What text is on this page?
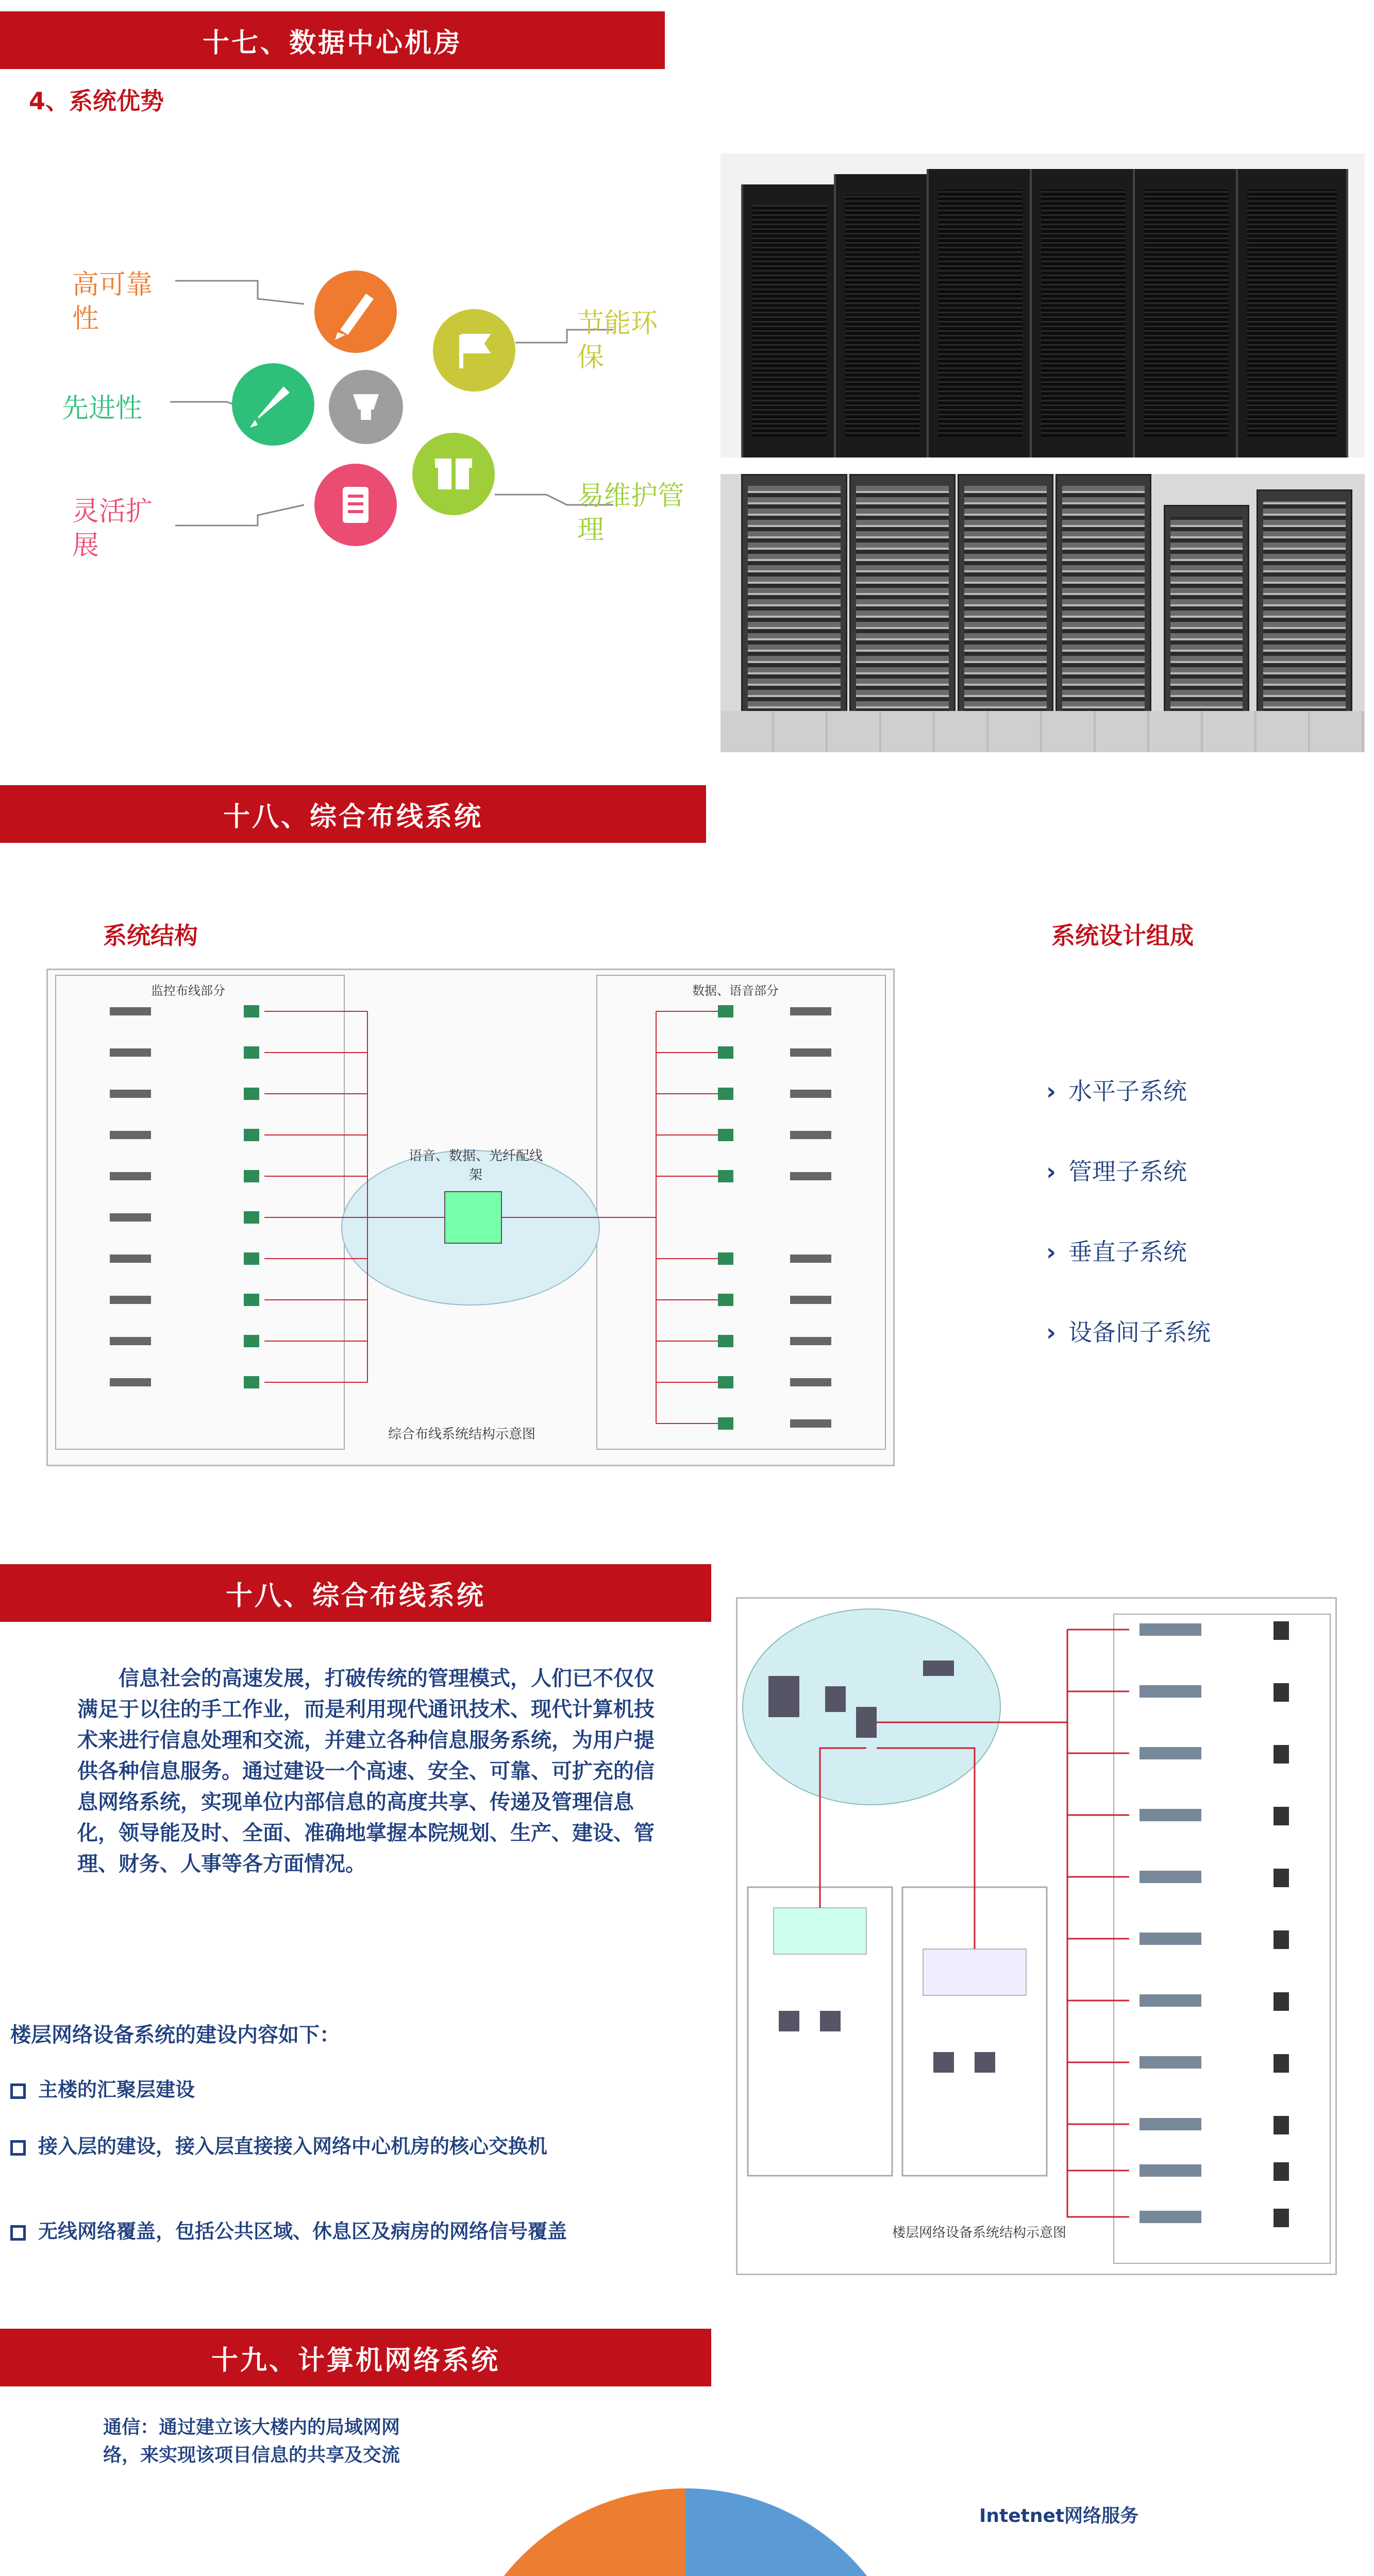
十七、数据中心机房
4、系统优势
高可靠性
先进性
灵活扩展
节能环保
易维护管理
十八、综合布线系统
系统结构	系统设计组成
监控布线部分	数据、语音部分
语音、数据、光纤配线架
综合布线系统结构示意图
› 水平子系统
› 管理子系统
› 垂直子系统
› 设备间子系统
十八、综合布线系统
信息社会的高速发展，打破传统的管理模式，人们已不仅仅满足于以往的手工作业，而是利用现代通讯技术、现代计算机技术来进行信息处理和交流，并建立各种信息服务系统，为用户提供各种信息服务。通过建设一个高速、安全、可靠、可扩充的信息网络系统，实现单位内部信息的高度共享、传递及管理信息化，领导能及时、全面、准确地掌握本院规划、生产、建设、管理、财务、人事等各方面情况。
楼层网络设备系统的建设内容如下：
主楼的汇聚层建设
接入层的建设，接入层直接接入网络中心机房的核心交换机
无线网络覆盖，包括公共区域、休息区及病房的网络信号覆盖	楼层网络设备系统结构示意图
十九、计算机网络系统
通信：通过建立该大楼内的局域网网络，来实现该项目信息的共享及交流
Intetnet网络服务
